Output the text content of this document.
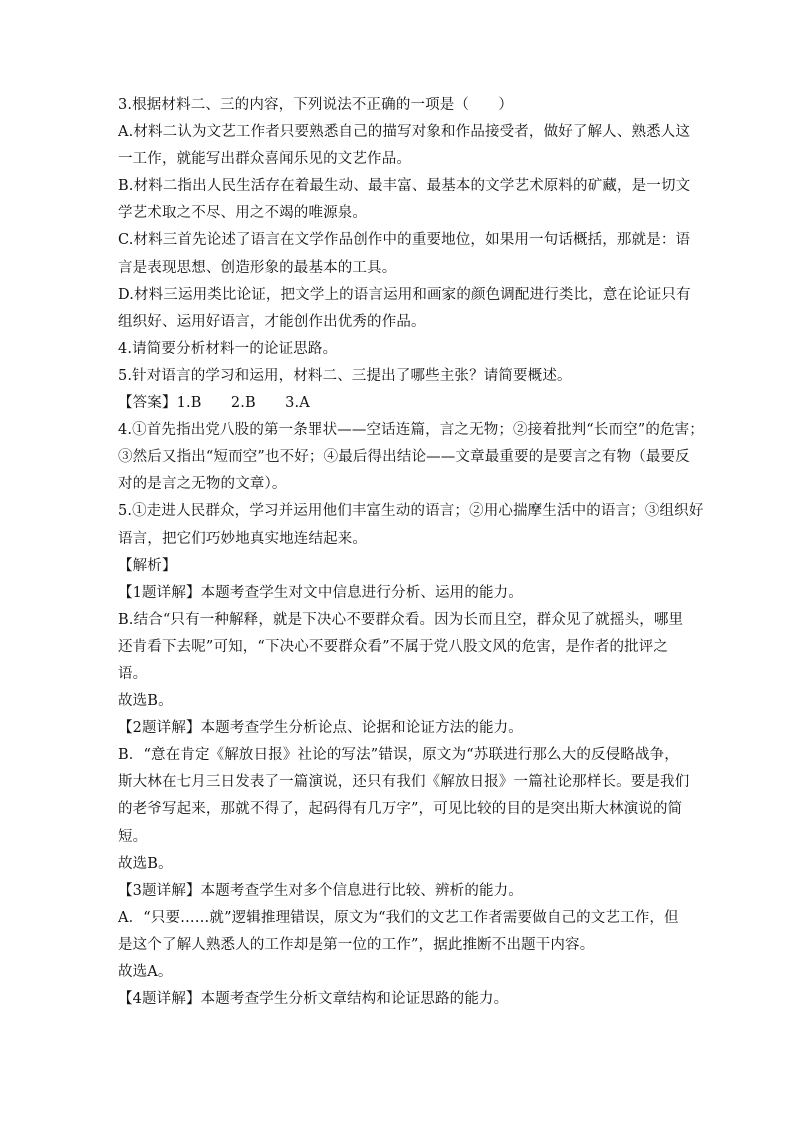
3.根据材料二、三的内容，下列说法不正确的一项是（　　）
A.材料二认为文艺工作者只要熟悉自己的描写对象和作品接受者，做好了解人、熟悉人这
一工作，就能写出群众喜闻乐见的文艺作品。
B.材料二指出人民生活存在着最生动、最丰富、最基本的文学艺术原料的矿藏，是一切文
学艺术取之不尽、用之不竭的唯源泉。
C.材料三首先论述了语言在文学作品创作中的重要地位，如果用一句话概括，那就是：语
言是表现思想、创造形象的最基本的工具。
D.材料三运用类比论证，把文学上的语言运用和画家的颜色调配进行类比，意在论证只有
组织好、运用好语言，才能创作出优秀的作品。
4.请简要分析材料一的论证思路。
5.针对语言的学习和运用，材料二、三提出了哪些主张？请简要概述。
【答案】1.B　　2.B　　3.A
4.①首先指出党八股的第一条罪状——空话连篇，言之无物；②接着批判“长而空”的危害；
③然后又指出“短而空”也不好；④最后得出结论——文章最重要的是要言之有物（最要反
对的是言之无物的文章）。
5.①走进人民群众，学习并运用他们丰富生动的语言；②用心揣摩生活中的语言；③组织好
语言，把它们巧妙地真实地连结起来。
【解析】
【1题详解】本题考查学生对文中信息进行分析、运用的能力。
B.结合“只有一种解释，就是下决心不要群众看。因为长而且空，群众见了就摇头，哪里
还肯看下去呢”可知，“下决心不要群众看”不属于党八股文风的危害，是作者的批评之
语。
故选B。
【2题详解】本题考查学生分析论点、论据和论证方法的能力。
B．“意在肯定《解放日报》社论的写法”错误，原文为“苏联进行那么大的反侵略战争，
斯大林在七月三日发表了一篇演说，还只有我们《解放日报》一篇社论那样长。要是我们
的老爷写起来，那就不得了，起码得有几万字”，可见比较的目的是突出斯大林演说的简
短。
故选B。
【3题详解】本题考查学生对多个信息进行比较、辨析的能力。
A．“只要……就”逻辑推理错误，原文为“我们的文艺工作者需要做自己的文艺工作，但
是这个了解人熟悉人的工作却是第一位的工作”，据此推断不出题干内容。
故选A。
【4题详解】本题考查学生分析文章结构和论证思路的能力。
